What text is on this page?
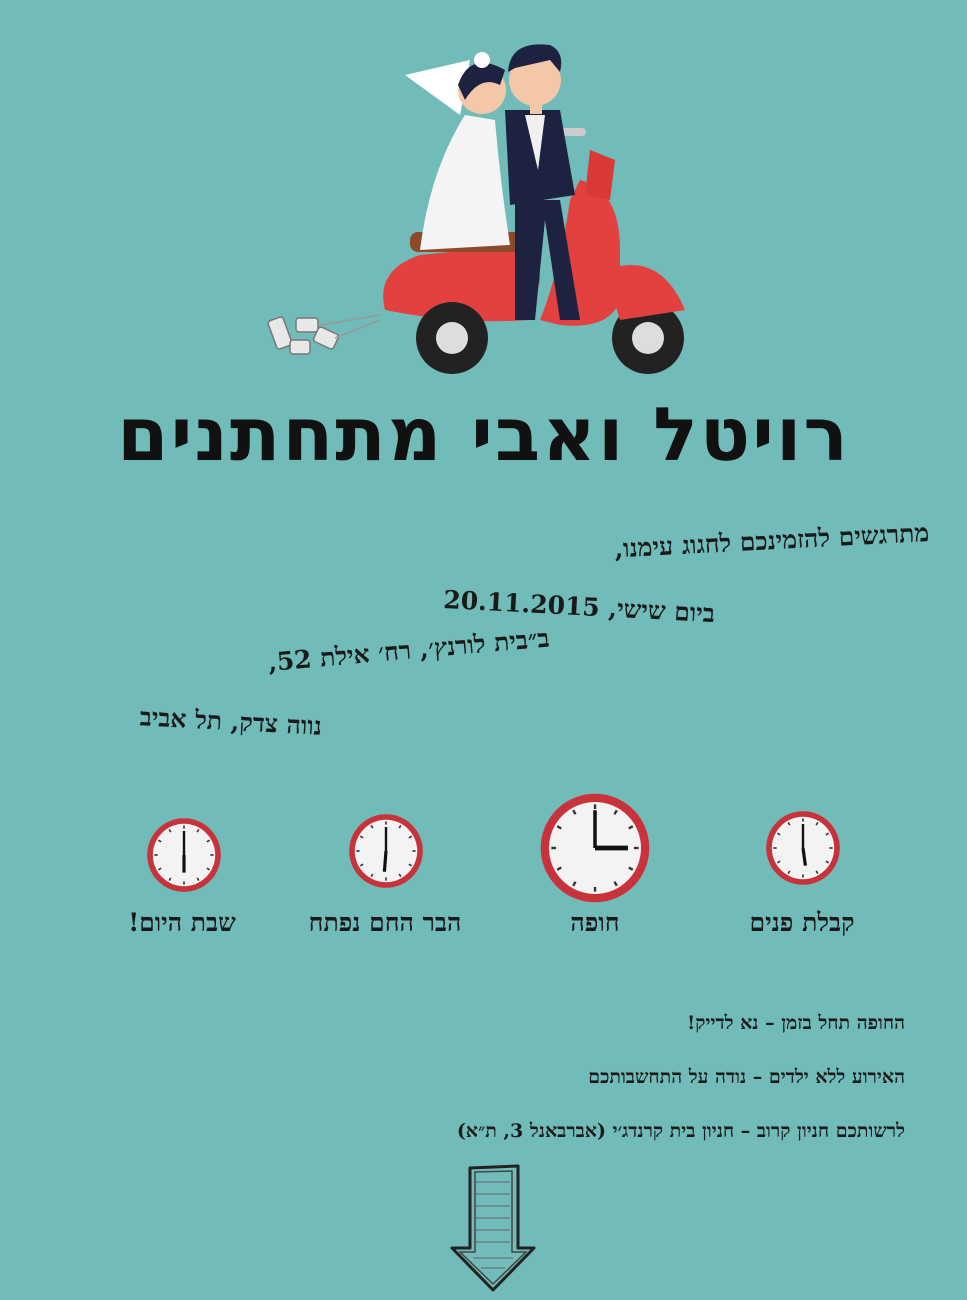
רויטל ואבי מתחתנים
מתרגשים להזמינכם לחגוג עימנו,
ביום שישי, 20.11.2015
ב״בית לורנץ׳, רח׳ אילת 52,
נווה צדק, תל אביב
קבלת פנים
חופה
הבר החם נפתח
שבת היום!
החופה תחל בזמן – נא לדייק!
האירוע ללא ילדים – נודה על התחשבותכם
לרשותכם חניון קרוב – חניון בית קרנדג׳י (אברבאנל 3, ת״א)
